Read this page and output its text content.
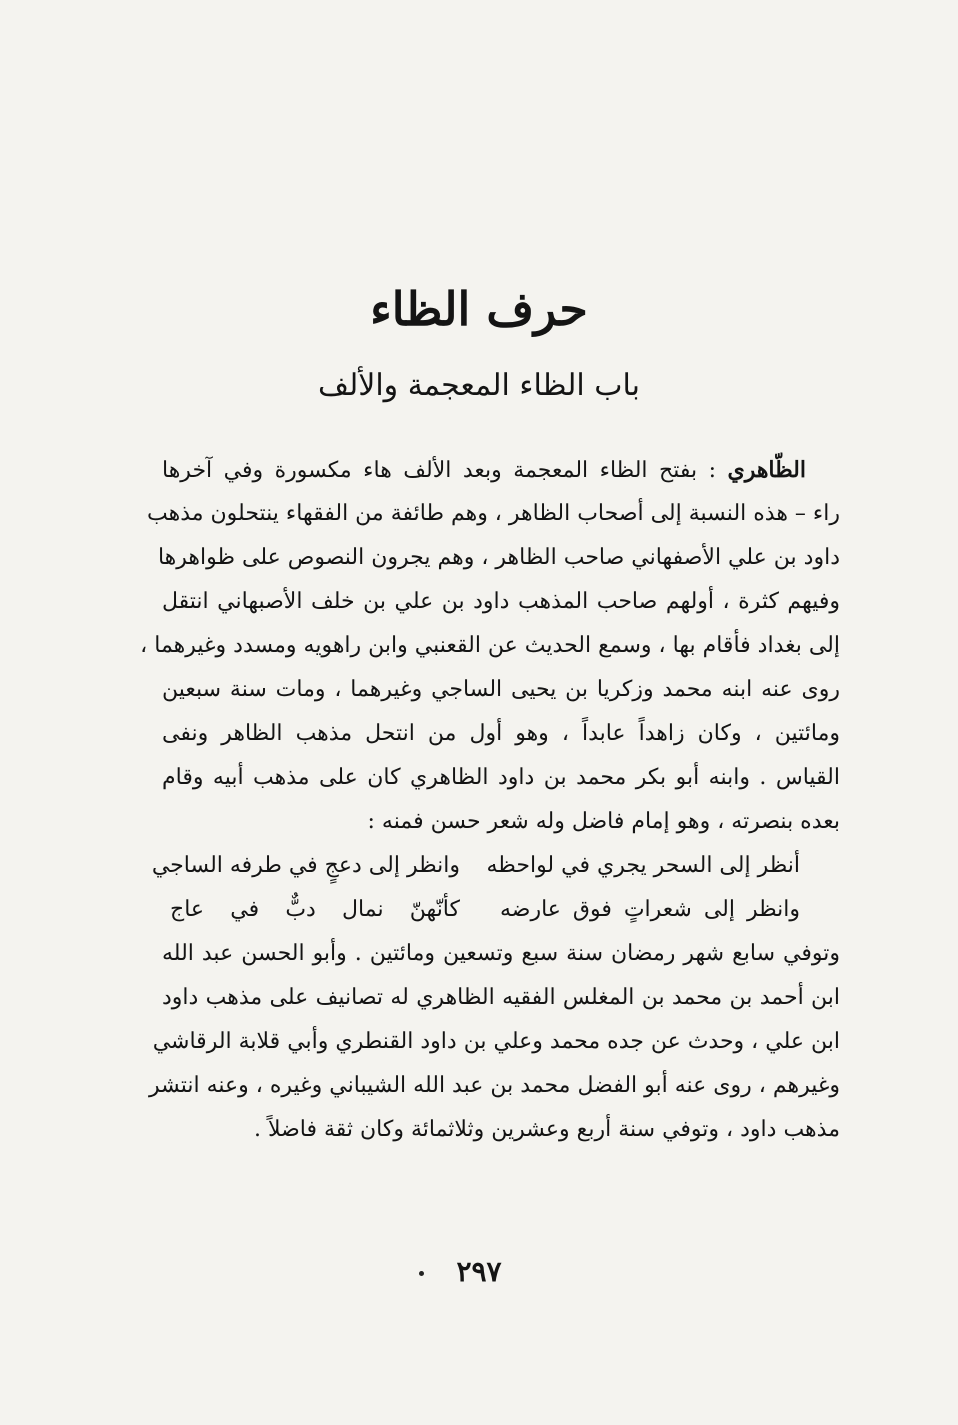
حرف الظاء
باب الظاء المعجمة والألف
الظّاهري : بفتح الظاء المعجمة وبعد الألف هاء مكسورة وفي آخرها
راء – هذه النسبة إلى أصحاب الظاهر ، وهم طائفة من الفقهاء ينتحلون مذهب
داود بن علي الأصفهاني صاحب الظاهر ، وهم يجرون النصوص على ظواهرها
وفيهم كثرة ، أولهم صاحب المذهب داود بن علي بن خلف الأصبهاني انتقل
إلى بغداد فأقام بها ، وسمع الحديث عن القعنبي وابن راهويه ومسدد وغيرهما ،
روى عنه ابنه محمد وزكريا بن يحيى الساجي وغيرهما ، ومات سنة سبعين
ومائتين ، وكان زاهداً عابداً ، وهو أول من انتحل مذهب الظاهر ونفى
القياس . وابنه أبو بكر محمد بن داود الظاهري كان على مذهب أبيه وقام
بعده بنصرته ، وهو إمام فاضل وله شعر حسن فمنه :
أنظر إلى السحر يجري في لواحظه
وانظر إلى دعجٍ في طرفه الساجي
وانظر إلى شعراتٍ فوق عارضه
كأنّهنّ نمال دبٌّ في عاج
وتوفي سابع شهر رمضان سنة سبع وتسعين ومائتين . وأبو الحسن عبد الله
ابن أحمد بن محمد بن المغلس الفقيه الظاهري له تصانيف على مذهب داود
ابن علي ، وحدث عن جده محمد وعلي بن داود القنطري وأبي قلابة الرقاشي
وغيرهم ، روى عنه أبو الفضل محمد بن عبد الله الشيباني وغيره ، وعنه انتشر
مذهب داود ، وتوفي سنة أربع وعشرين وثلاثمائة وكان ثقة فاضلاً .
٢٩٧
